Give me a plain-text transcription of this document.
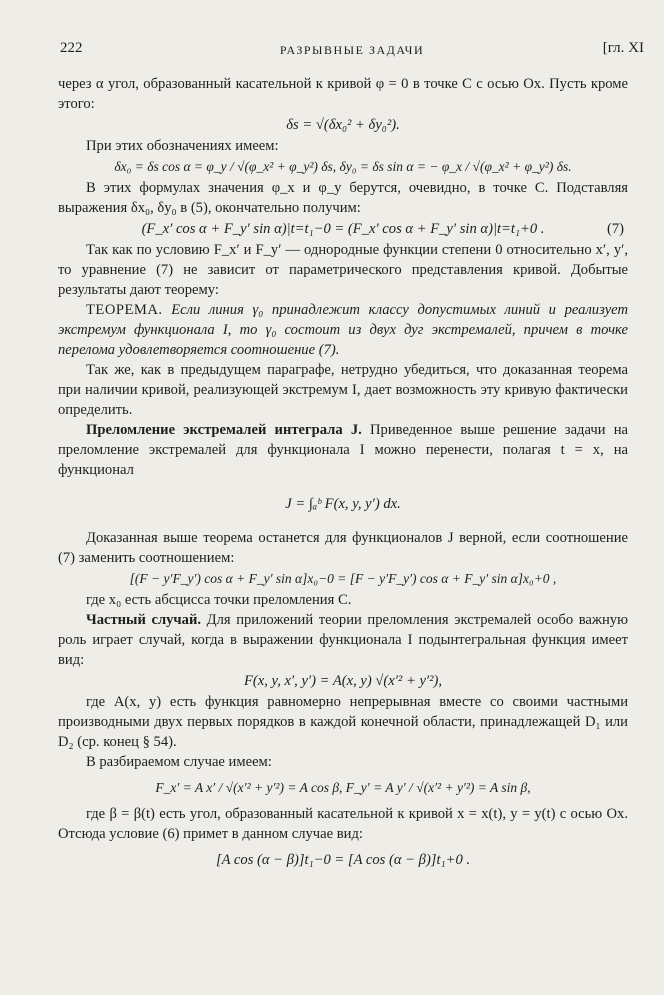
222	РАЗРЫВНЫЕ ЗАДАЧИ	[гл. XI

через α угол, образованный касательной к кривой φ = 0 в точке C с осью Ox. Пусть кроме этого:

δs = √(δx₀² + δy₀²).

При этих обозначениях имеем:

δx₀ = δs cos α = φ_y / √(φ_x² + φ_y²) δs, δy₀ = δs sin α = − φ_x / √(φ_x² + φ_y²) δs.

В этих формулах значения φ_x и φ_y берутся, очевидно, в точке C. Подставляя выражения δx₀, δy₀ в (5), окончательно получим:

(F_x′ cos α + F_y′ sin α)|t=t₁−0 = (F_x′ cos α + F_y′ sin α)|t=t₁+0 .	(7)

Так как по условию F_x′ и F_y′ — однородные функции степени 0 относительно x′, y′, то уравнение (7) не зависит от параметрического представления кривой. Добытые результаты дают теорему:

ТЕОРЕМА. Если линия γ₀ принадлежит классу допустимых линий и реализует экстремум функционала I, то γ₀ состоит из двух дуг экстремалей, причем в точке перелома удовлетворяется соотношение (7).

Так же, как в предыдущем параграфе, нетрудно убедиться, что доказанная теорема при наличии кривой, реализующей экстремум I, дает возможность эту кривую фактически определить.

Преломление экстремалей интеграла J. Приведенное выше решение задачи на преломление экстремалей для функционала I можно перенести, полагая t = x, на функционал

J = ∫ₐᵇ F(x, y, y′) dx.

Доказанная выше теорема останется для функционалов J верной, если соотношение (7) заменить соотношением:

[(F − y′F_y′) cos α + F_y′ sin α]x₀−0 = [F − y′F_y′) cos α + F_y′ sin α]x₀+0 ,

где x₀ есть абсцисса точки преломления C.

Частный случай. Для приложений теории преломления экстремалей особо важную роль играет случай, когда в выражении функционала I подынтегральная функция имеет вид:

F(x, y, x′, y′) = A(x, y) √(x′² + y′²),

где A(x, y) есть функция равномерно непрерывная вместе со своими частными производными двух первых порядков в каждой конечной области, принадлежащей D₁ или D₂ (ср. конец § 54).

В разбираемом случае имеем:

F_x′ = A x′ / √(x′² + y′²) = A cos β, F_y′ = A y′ / √(x′² + y′²) = A sin β,

где β = β(t) есть угол, образованный касательной к кривой x = x(t), y = y(t) с осью Ox. Отсюда условие (6) примет в данном случае вид:

[A cos (α − β)]t₁−0 = [A cos (α − β)]t₁+0 .
